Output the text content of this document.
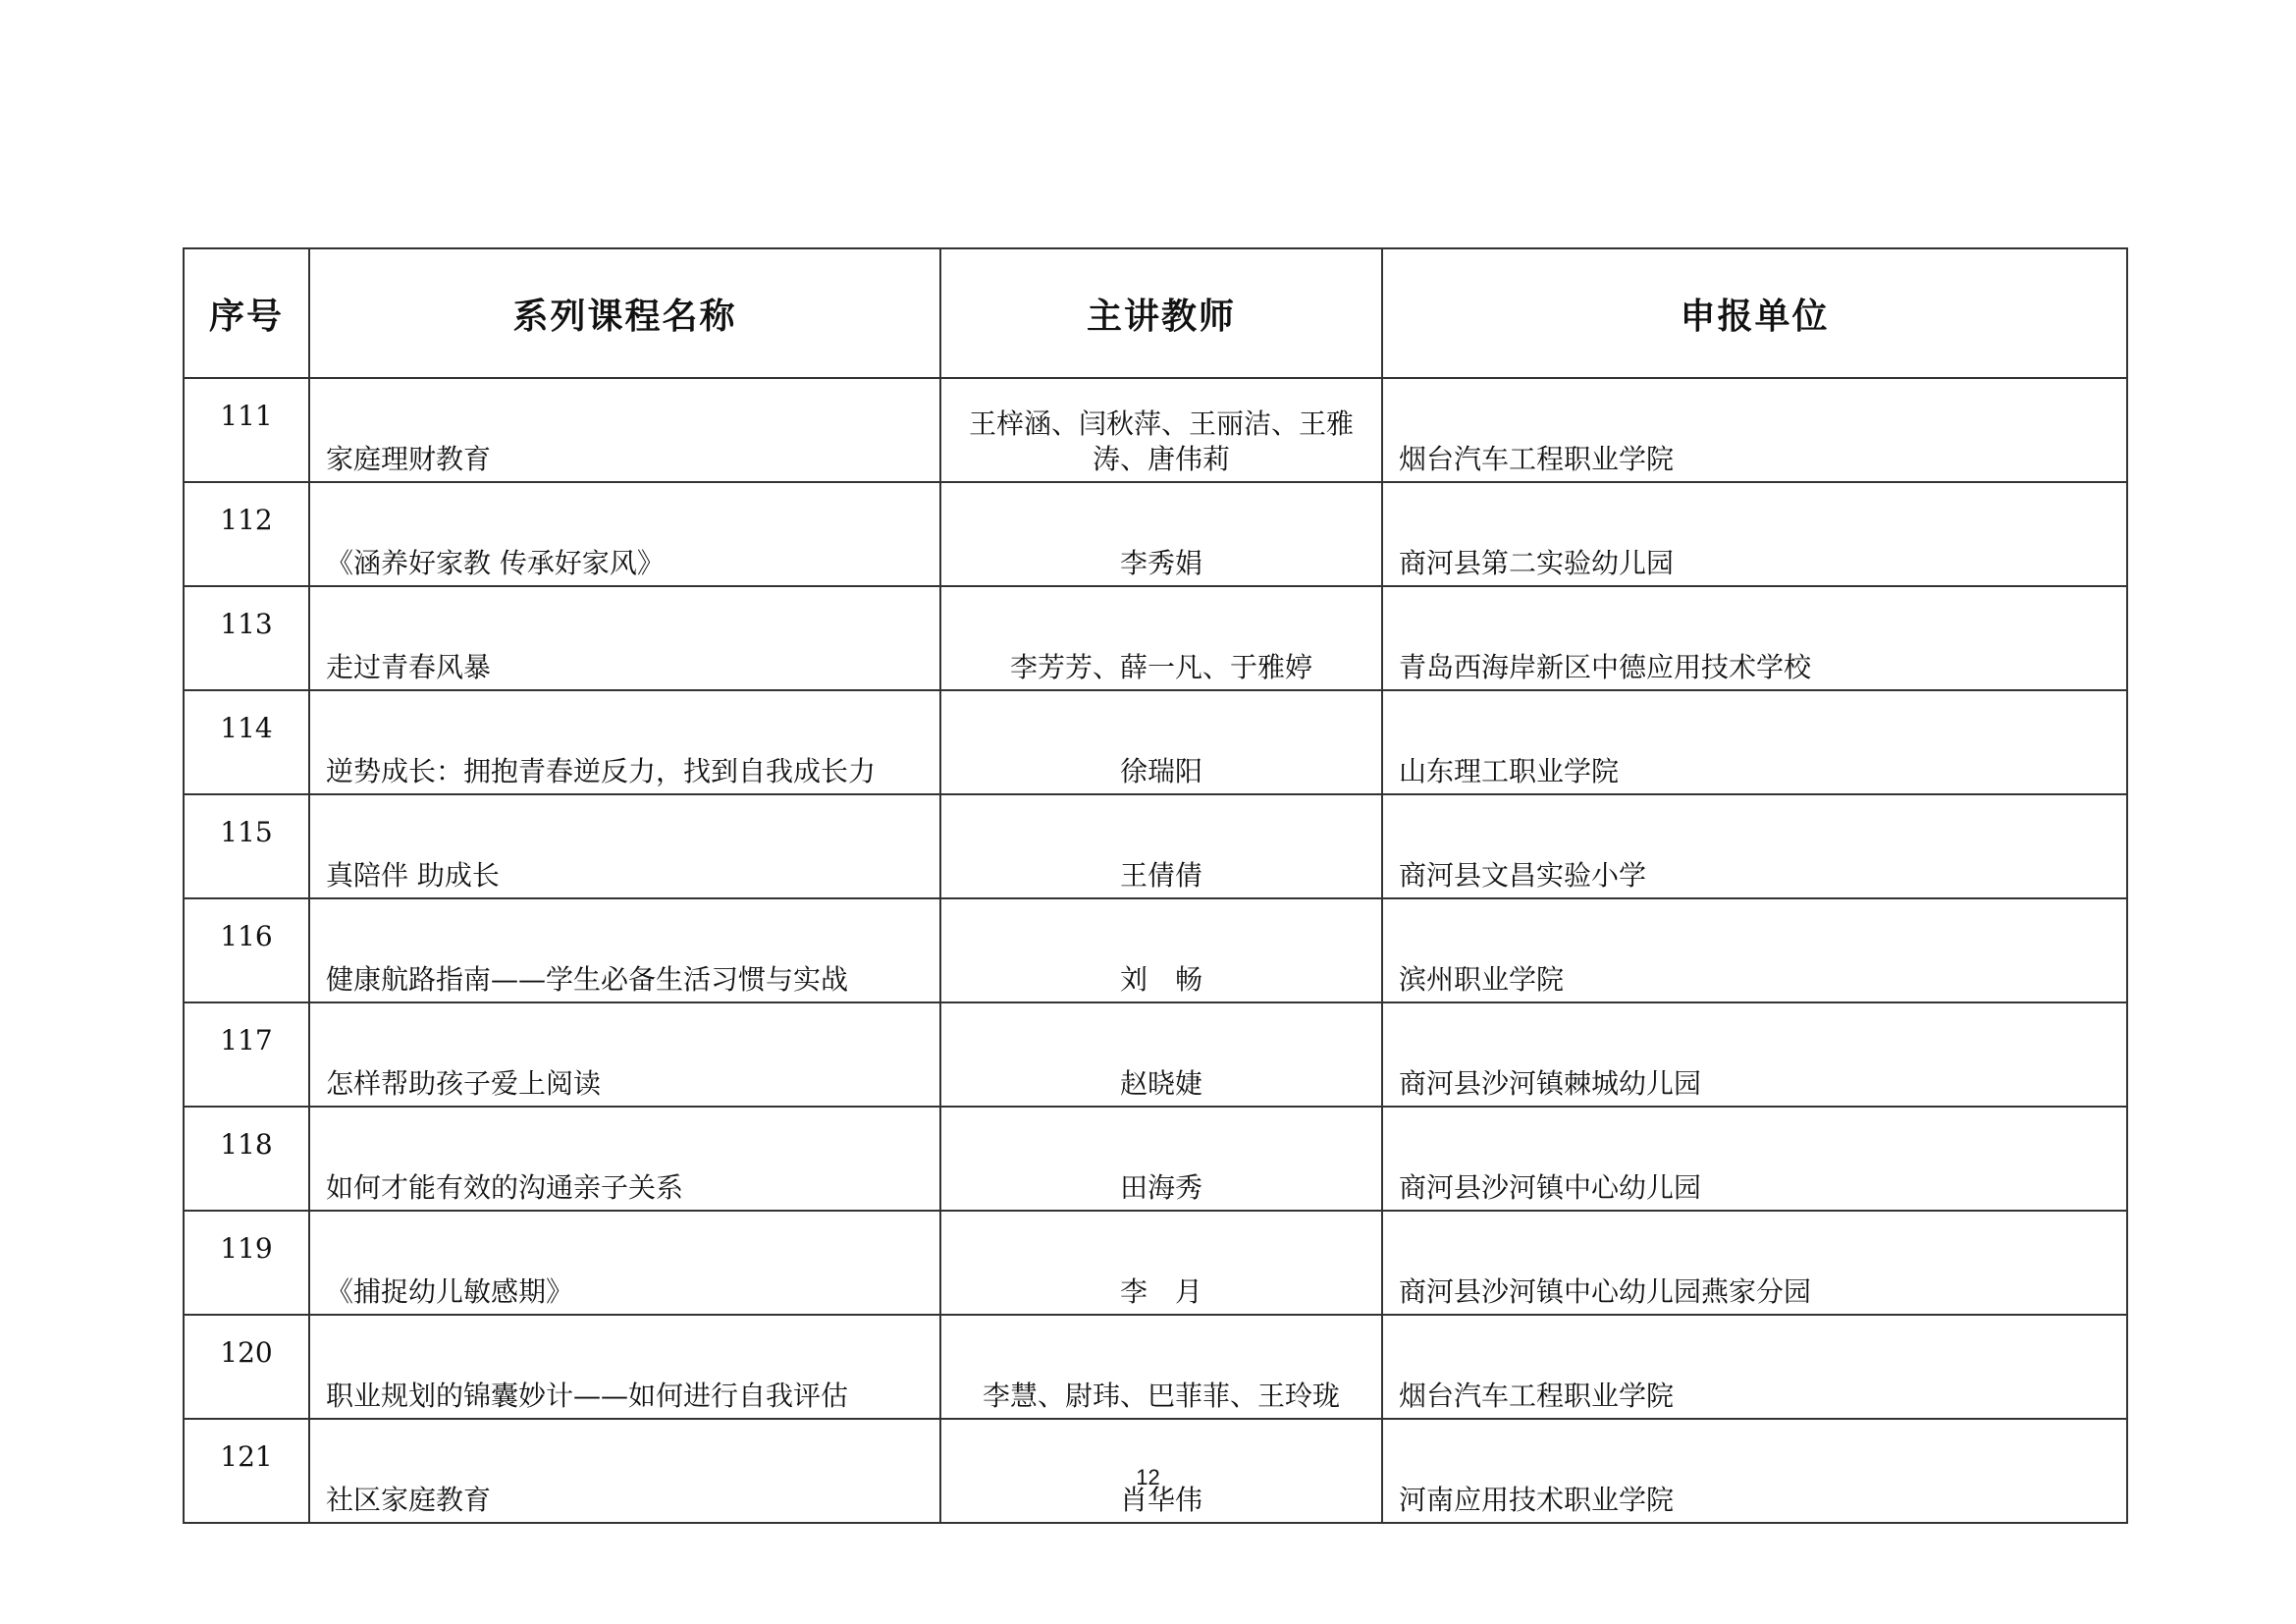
序号	系列课程名称	主讲教师	申报单位
111	家庭理财教育	王梓涵、闫秋萍、王丽洁、王雅涛、唐伟莉	烟台汽车工程职业学院
112	《涵养好家教 传承好家风》	李秀娟	商河县第二实验幼儿园
113	走过青春风暴	李芳芳、薛一凡、于雅婷	青岛西海岸新区中德应用技术学校
114	逆势成长：拥抱青春逆反力，找到自我成长力	徐瑞阳	山东理工职业学院
115	真陪伴 助成长	王倩倩	商河县文昌实验小学
116	健康航路指南——学生必备生活习惯与实战	刘　畅	滨州职业学院
117	怎样帮助孩子爱上阅读	赵晓婕	商河县沙河镇棘城幼儿园
118	如何才能有效的沟通亲子关系	田海秀	商河县沙河镇中心幼儿园
119	《捕捉幼儿敏感期》	李　月	商河县沙河镇中心幼儿园燕家分园
120	职业规划的锦囊妙计——如何进行自我评估	李慧、尉玮、巴菲菲、王玲珑	烟台汽车工程职业学院
121	社区家庭教育	肖华伟	河南应用技术职业学院
12
